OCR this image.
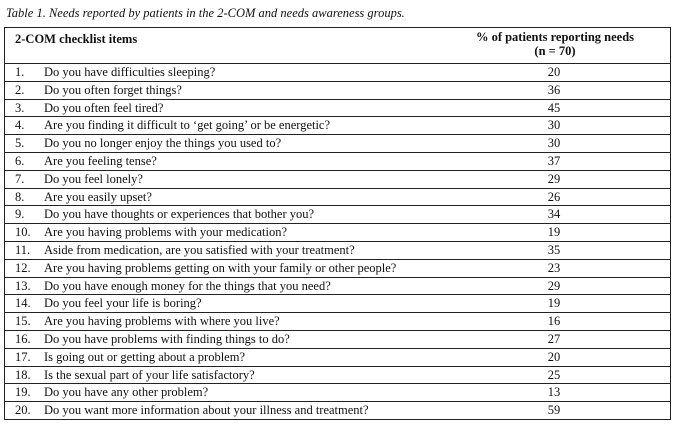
Table 1. Needs reported by patients in the 2-COM and needs awareness groups.
2-COM checklist items	% of patients reporting needs
(n = 70)
1. Do you have difficulties sleeping?	20
2. Do you often forget things?	36
3. Do you often feel tired?	45
4. Are you finding it difficult to ‘get going’ or be energetic?	30
5. Do you no longer enjoy the things you used to?	30
6. Are you feeling tense?	37
7. Do you feel lonely?	29
8. Are you easily upset?	26
9. Do you have thoughts or experiences that bother you?	34
10. Are you having problems with your medication?	19
11. Aside from medication, are you satisfied with your treatment?	35
12. Are you having problems getting on with your family or other people?	23
13. Do you have enough money for the things that you need?	29
14. Do you feel your life is boring?	19
15. Are you having problems with where you live?	16
16. Do you have problems with finding things to do?	27
17. Is going out or getting about a problem?	20
18. Is the sexual part of your life satisfactory?	25
19. Do you have any other problem?	13
20. Do you want more information about your illness and treatment?	59
